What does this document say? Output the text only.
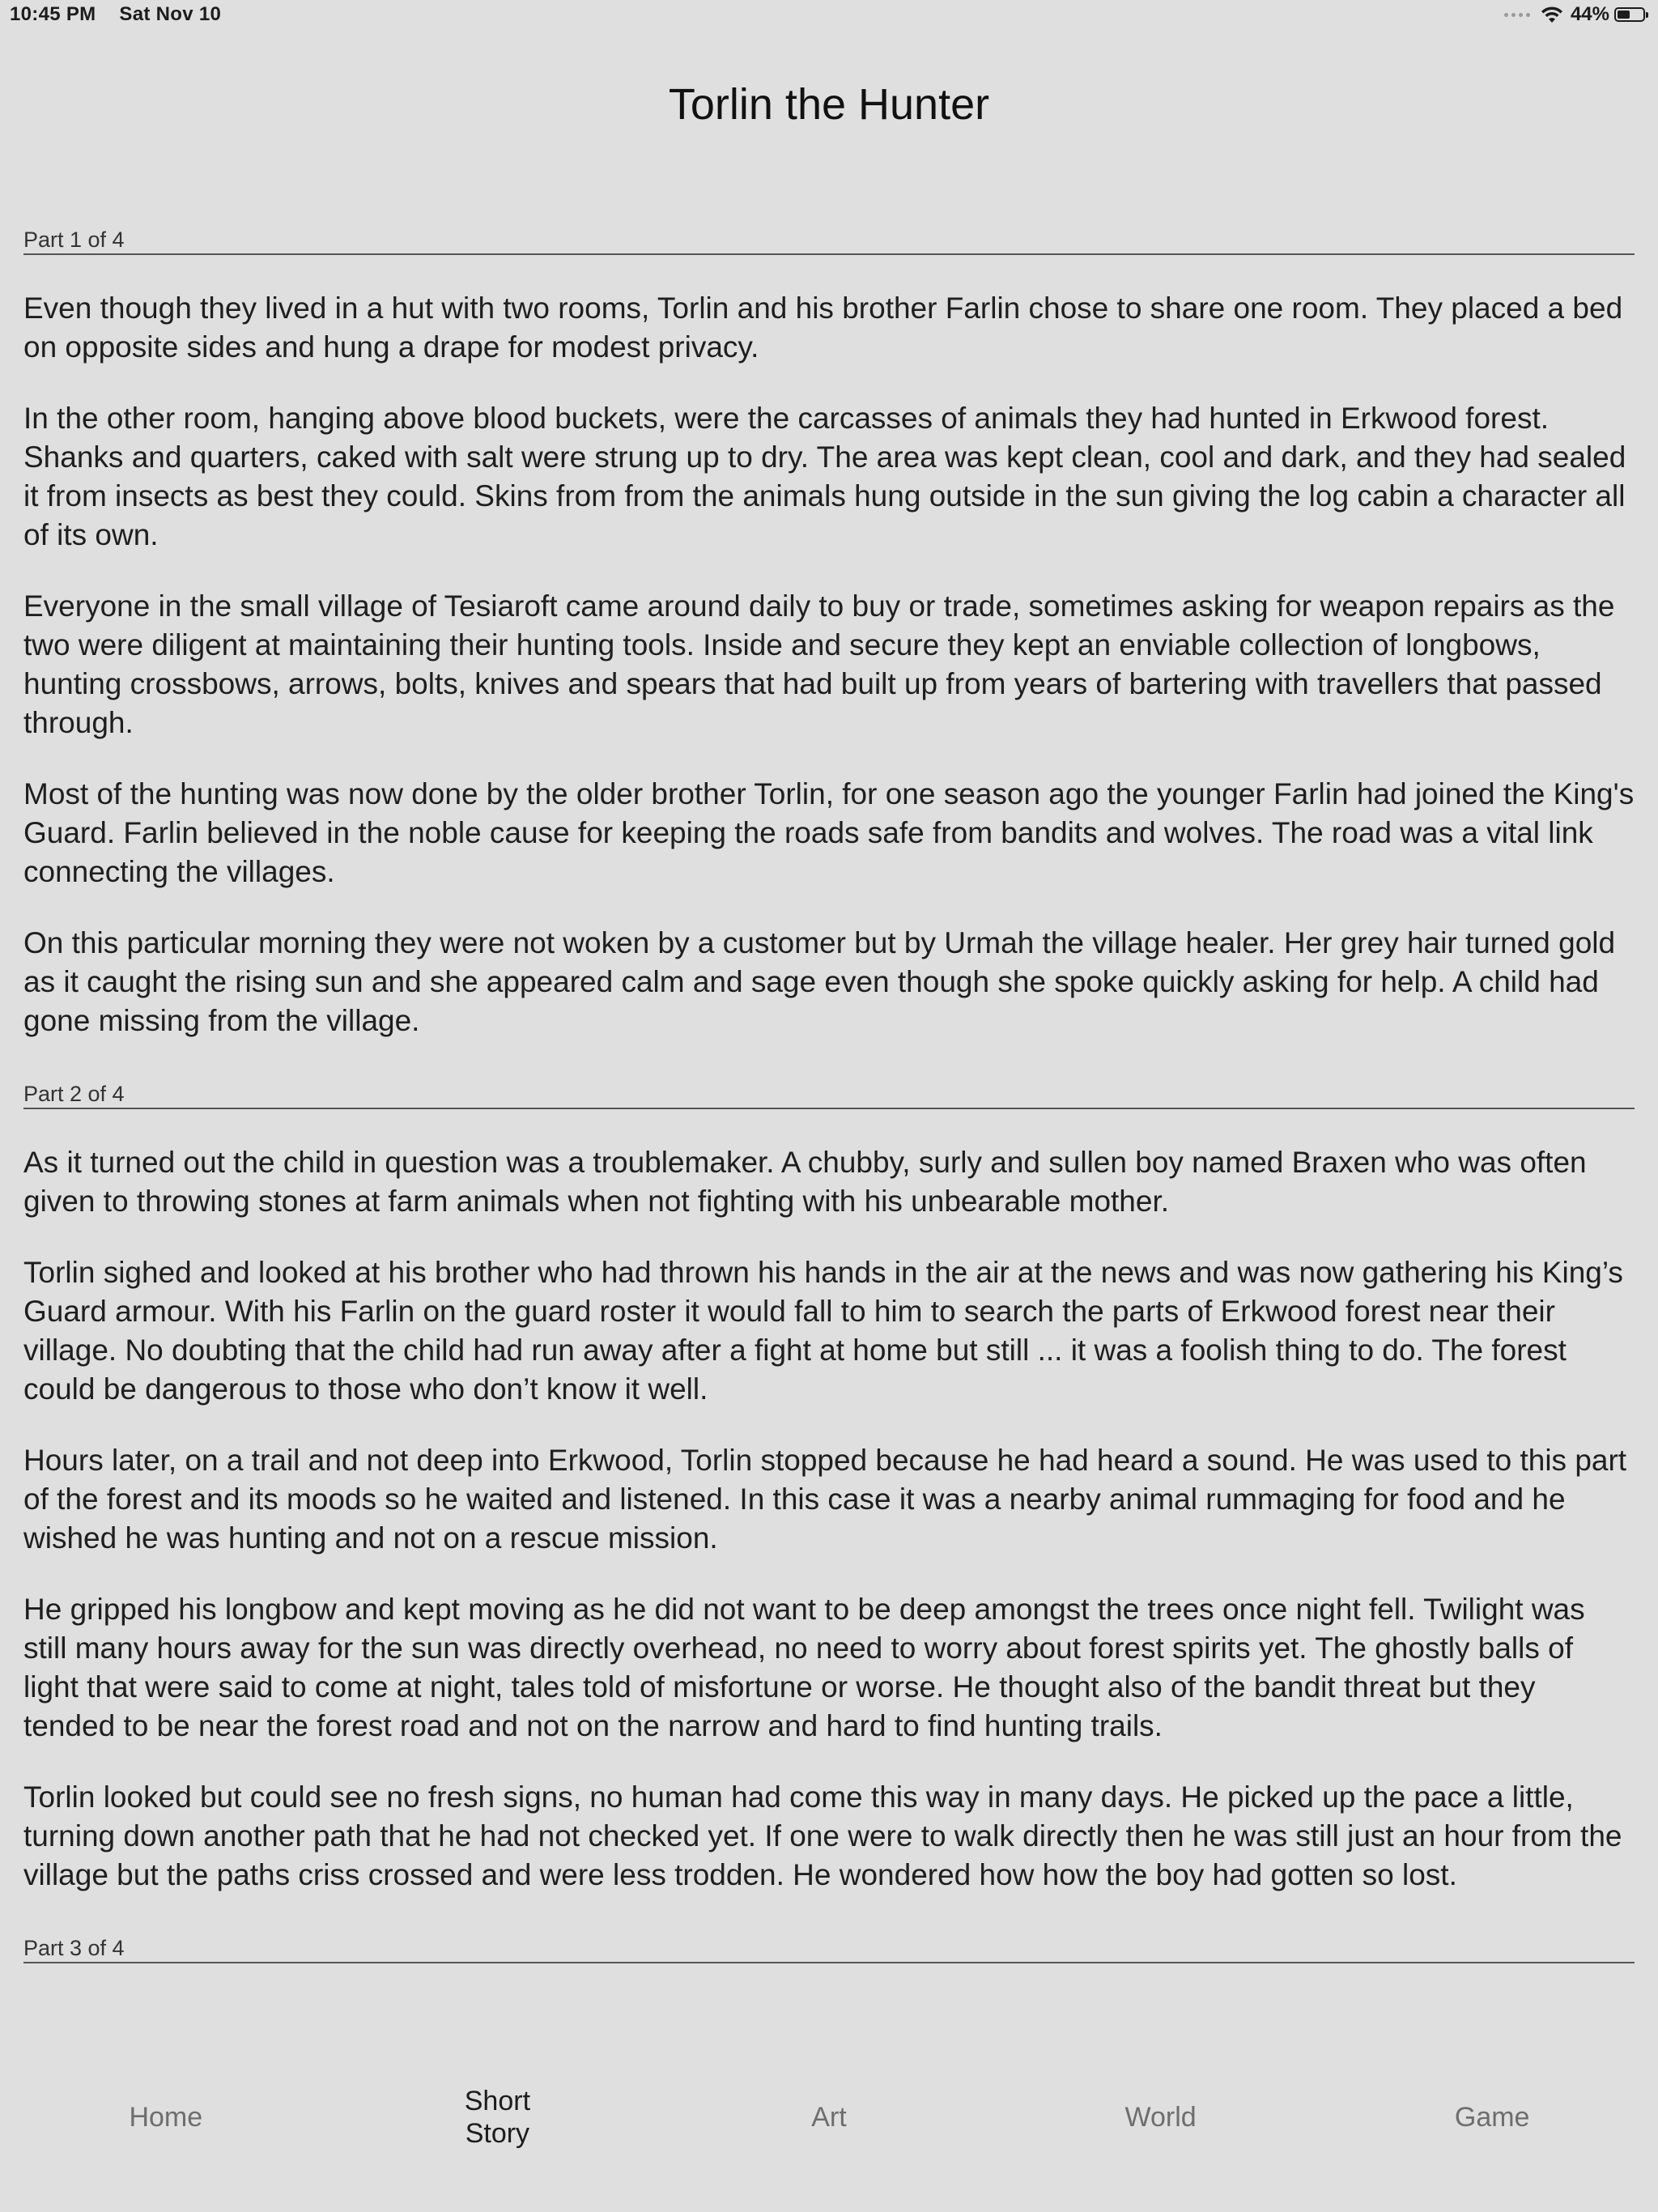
10:45 PM Sat Nov 10	44%
Torlin the Hunter
Part 1 of 4

Even though they lived in a hut with two rooms, Torlin and his brother Farlin chose to share one room. They placed a bed on opposite sides and hung a drape for modest privacy.

In the other room, hanging above blood buckets, were the carcasses of animals they had hunted in Erkwood forest. Shanks and quarters, caked with salt were strung up to dry. The area was kept clean, cool and dark, and they had sealed it from insects as best they could. Skins from from the animals hung outside in the sun giving the log cabin a character all of its own.

Everyone in the small village of Tesiaroft came around daily to buy or trade, sometimes asking for weapon repairs as the two were diligent at maintaining their hunting tools. Inside and secure they kept an enviable collection of longbows, hunting crossbows, arrows, bolts, knives and spears that had built up from years of bartering with travellers that passed through.

Most of the hunting was now done by the older brother Torlin, for one season ago the younger Farlin had joined the King's Guard. Farlin believed in the noble cause for keeping the roads safe from bandits and wolves. The road was a vital link connecting the villages.

On this particular morning they were not woken by a customer but by Urmah the village healer. Her grey hair turned gold as it caught the rising sun and she appeared calm and sage even though she spoke quickly asking for help. A child had gone missing from the village.

Part 2 of 4

As it turned out the child in question was a troublemaker. A chubby, surly and sullen boy named Braxen who was often given to throwing stones at farm animals when not fighting with his unbearable mother.

Torlin sighed and looked at his brother who had thrown his hands in the air at the news and was now gathering his King’s Guard armour. With his Farlin on the guard roster it would fall to him to search the parts of Erkwood forest near their village. No doubting that the child had run away after a fight at home but still ... it was a foolish thing to do. The forest could be dangerous to those who don’t know it well.

Hours later, on a trail and not deep into Erkwood, Torlin stopped because he had heard a sound. He was used to this part of the forest and its moods so he waited and listened. In this case it was a nearby animal rummaging for food and he wished he was hunting and not on a rescue mission.

He gripped his longbow and kept moving as he did not want to be deep amongst the trees once night fell. Twilight was still many hours away for the sun was directly overhead, no need to worry about forest spirits yet. The ghostly balls of light that were said to come at night, tales told of misfortune or worse. He thought also of the bandit threat but they tended to be near the forest road and not on the narrow and hard to find hunting trails.

Torlin looked but could see no fresh signs, no human had come this way in many days. He picked up the pace a little, turning down another path that he had not checked yet. If one were to walk directly then he was still just an hour from the village but the paths criss crossed and were less trodden. He wondered how how the boy had gotten so lost.

Part 3 of 4
Home
Short Story
Art	World	Game
